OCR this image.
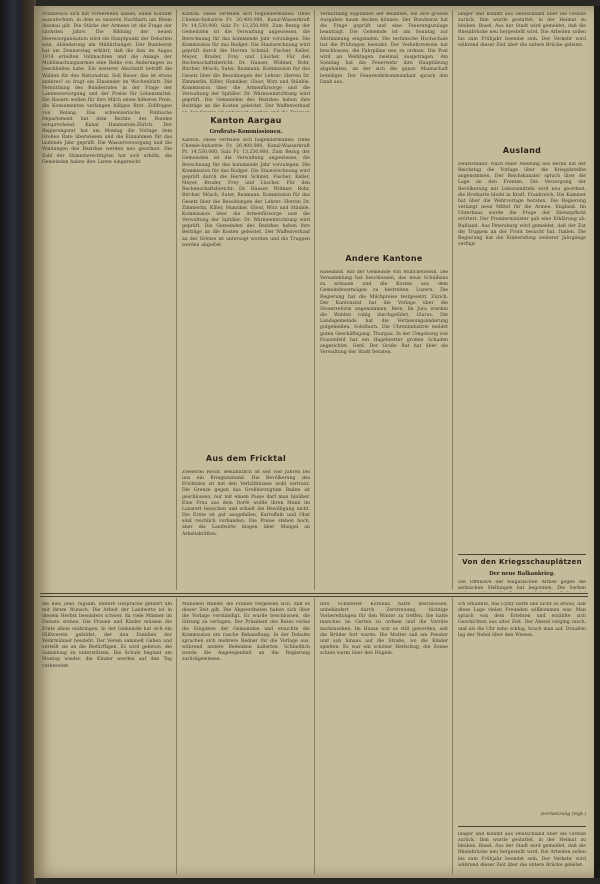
Frankreich sich hat vorbereiten lassen, einen Konflikt auszufechten, in dem es unseren Nachbarn am Rhein diesmal gilt. Die Stärke der Armeen ist die Frage der nächsten Jahre. Die Bildung der neuen Heeresorganisation wird ein Hauptpunkt der Debatten sein. Abänderung am Militärbudget. Der Bundesrat hat am Donnerstag erklärt, daß die ihm im Augus 1914 erteilten Vollmachten und die Anlage der Mobilmachungsarmee eine Reihe von Änderungen zu beschließen habe. Ein weiterer Abschnitt betrifft die Wahlen für den Nationalrat. Soll Bauer, das ist etwas anderes? so fragt ein Einsender im Wochenblatt. Die Vermittlung des Bundesrates in der Frage der Landesversorgung und der Preise für Lebensmittel. Die Bauern wollen für ihre Milch einen höheren Preis, die Konsumenten verlangen billiges Brot. Zollfragen von Belang. Das schweizerische Politische Departement hat dem Rechte des Bundes entsprechend. Kanal Hauenstein-Zürich. Der Regierungsrat hat am Montag die Vorlage dem Großen Rate überwiesen und die Einnahmen für das laufende Jahr geprüft. Die Wasserversorgung und die Waldungen des Bezirkes werden neu geordnet. Die Zahl der Stimmberechtigten hat sich erhöht, die Gemeinden haben ihre Listen eingereicht.
Kanton. Diese verteilen sich folgendermaßen: Ohne Chemie-Industrie Fr. 26,400,000, Kanal-Wasserkraft Fr. 14,530,000, Salz Fr. 13,250,000. Zum Bezug der Gemeinden ist die Verwaltung angewiesen, die Berechnung für das kommende Jahr vorzulegen. Die Kommission für das Budget. Die Staatsrechnung wird geprüft durch die Herren Schmid, Fischer, Keller, Meyer, Bruder, Frey und Lüscher. Für den Rechenschaftsbericht: Dr. Hauser, Widmer, Rohr, Bircher, Mösch, Suter, Baumann. Kommission für das Gesetz über die Besoldungen der Lehrer: Herren Dr. Zimmerlin, Killer, Hunziker, Gloor, Wirz und Stäuble. Kommission über die Armenfürsorge und die Verwaltung der Spitäler. Dr. Wärmeeinrichtung wird geprüft. Die Gemeinden des Bezirkes haben ihre Beiträge an die Kosten geleistet. Der Waffenverkauf
Kanton Aargau
Großrats-Kommissionen.
Kanton. Diese verteilen sich folgendermaßen: Ohne Chemie-Industrie Fr. 26,400,000, Kanal-Wasserkraft Fr. 14,530,000, Salz Fr. 13,250,000. Zum Bezug der Gemeinden ist die Verwaltung angewiesen, die Berechnung für das kommende Jahr vorzulegen. Die Kommission für das Budget. Die Staatsrechnung wird geprüft durch die Herren Schmid, Fischer, Keller, Meyer, Bruder, Frey und Lüscher. Für den Rechenschaftsbericht: Dr. Hauser, Widmer, Rohr, Bircher, Mösch, Suter, Baumann. Kommission für das Gesetz über die Besoldungen der Lehrer: Herren Dr. Zimmerlin, Killer, Hunziker, Gloor, Wirz und Stäuble. Kommission über die Armenfürsorge und die Verwaltung der Spitäler. Dr. Wärmeeinrichtung wird geprüft. Die Gemeinden des Bezirkes haben ihre Beiträge an die Kosten geleistet. Der Waffenverkauf an der Grenze ist untersagt worden und die Truppen werden abgelöst.
Aus dem Fricktal
Zweierlei Recht. Bekanntlich ist seit vier Jahren bei uns ein Kriegszustand. Die Bevölkerung des Fricktales ist mit den Verhältnissen wohl vertraut. Die Grenze gegen das Großherzogtum Baden ist geschlossen, nur mit einem Passe darf man hinüber. Eine Frau aus dem Dorfe wollte ihren Mann im Lazarett besuchen und erhielt die Bewilligung nicht. Die Ernte ist gut ausgefallen, Kartoffeln und Obst sind reichlich vorhanden. Die Preise stehen hoch, aber die Landwirte klagen über Mangel an Arbeitskräften.
Vermittlung zugunsten der Beamten, die ihre großen Ausgaben kaum decken können. Der Bundesrat hat die Frage geprüft und eine Teuerungszulage beantragt. Die Gemeinde ist am Sonntag zur Abstimmung eingeladen. Die technische Hochschule hat die Prüfungen beendet. Der Verkehrsverein hat beschlossen, die Fahrpläne neu zu ordnen. Die Post wird an Werktagen zweimal ausgetragen. Am Sonntag hat die Feuerwehr ihre Hauptübung abgehalten, an der sich die ganze Mannschaft beteiligte. Der Feuerwehrkommandant sprach den Dank aus.
Andere Kantone
Baselland. Rat der Gemeinde von Münchenstein. Die Versammlung hat beschlossen, das neue Schulhaus zu erbauen und die Kosten aus dem Gemeindevermögen zu bestreiten. Luzern. Die Regierung hat die Milchpreise festgesetzt. Zürich. Der Kantonsrat hat die Vorlage über die Steuerreform angenommen. Bern. Im Jura wurden die Wahlen ruhig durchgeführt. Glarus. Die Landsgemeinde hat die Verfassungsänderung gutgeheißen. Solothurn. Die Uhrenindustrie meldet guten Geschäftsgang. Thurgau. In der Umgebung von Frauenfeld hat ein Hagelwetter großen Schaden angerichtet. Genf. Der Große Rat hat über die Verwaltung der Stadt beraten.
länger und kommt aus Deutschland über die Grenze zurück. Ihm wurde gestattet, in der Heimat zu bleiben. Basel. Aus der Stadt wird gemeldet, daß die Rheinbrücke neu hergestellt wird. Die Arbeiten sollen bis zum Frühjahr beendet sein. Der Verkehr wird während dieser Zeit über die untere Brücke geleitet.
Ausland
Deutschland. Nach einer Meldung aus Berlin hat der Reichstag die Vorlage über die Kriegskredite angenommen. Der Reichskanzler sprach über die Lage an den Fronten. Die Versorgung der Bevölkerung mit Lebensmitteln wird neu geordnet, die Brotkarte bleibt in Kraft. Frankreich. Die Kammer hat über die Wehrvorlage beraten. Die Regierung verlangt neue Mittel für die Armee. England. Im Unterhaus wurde die Frage der Dienstpflicht erörtert. Der Premierminister gab eine Erklärung ab. Rußland. Aus Petersburg wird gemeldet, daß der Zar die Truppen an der Front besucht hat. Italien. Die Regierung hat die Einberufung weiterer Jahrgänge verfügt.
Von den Kriegsschauplätzen
Der neue Balkankrieg.
Die Offensive der bulgarischen Armee gegen die serbischen Stellungen hat begonnen. Die Serben
die hier, jene, fügsam, heitere Gespräche geführt um mit ihrem Wunsch. Die Arbeit der Landwirte ist in diesem Herbst besonders schwer, da viele Männer im Dienste stehen. Die Frauen und Kinder müssen die Ernte allein einbringen. In der Gemeinde hat sich ein Hilfsverein gebildet, der den Familien der Wehrmänner beisteht. Der Verein sammelt Gaben und verteilt sie an die Bedürftigen. Es wird gebeten, die Sammlung zu unterstützen. Die Schule beginnt am Montag wieder, die Kinder werden auf den Tag vorbereitet.
Millionen Wähler, die Frauen vergessen sich, daß es dieser Zeit gilt. Die Abgeordneten haben sich über die Vorlage verständigt. Es wurde beschlossen, die Sitzung zu vertagen. Der Präsident des Rates verlas die Eingaben der Gemeinden und ersuchte die Kommission um rasche Behandlung. In der Debatte sprachen sich mehrere Redner für die Vorlage aus, während andere Bedenken äußerten. Schließlich wurde die Angelegenheit an die Regierung zurückgewiesen.
Ihre Schwester Kornelia hatte beschlossen, unbehindert durch Zerstreuung, tüchtige Vorbereitungen für den Winter zu treffen. Sie hatte manches im Garten zu ordnen und die Vorräte nachzusehen. Im Hause war es still geworden, seit die Brüder fort waren. Die Mutter saß am Fenster und sah hinaus auf die Straße, wo die Kinder spielten. Es war ein schöner Herbsttag, die Sonne schien warm über den Hügeln.
Ich erkannte, das Cymy hatte uns nicht so etwas, daß diese Lage vielen Freunden willkommen war. Man sprach von dem Erlebten und erzählte sich Geschichten aus alter Zeit. Der Abend verging rasch, und als die Uhr zehn schlug, brach man auf. Draußen lag der Nebel über den Wiesen.
(Fortsetzung folgt.)
länger und kommt aus Deutschland über die Grenze zurück. Ihm wurde gestattet, in der Heimat zu bleiben. Basel. Aus der Stadt wird gemeldet, daß die Rheinbrücke neu hergestellt wird. Die Arbeiten sollen bis zum Frühjahr beendet sein. Der Verkehr wird während dieser Zeit über die untere Brücke geleitet.
